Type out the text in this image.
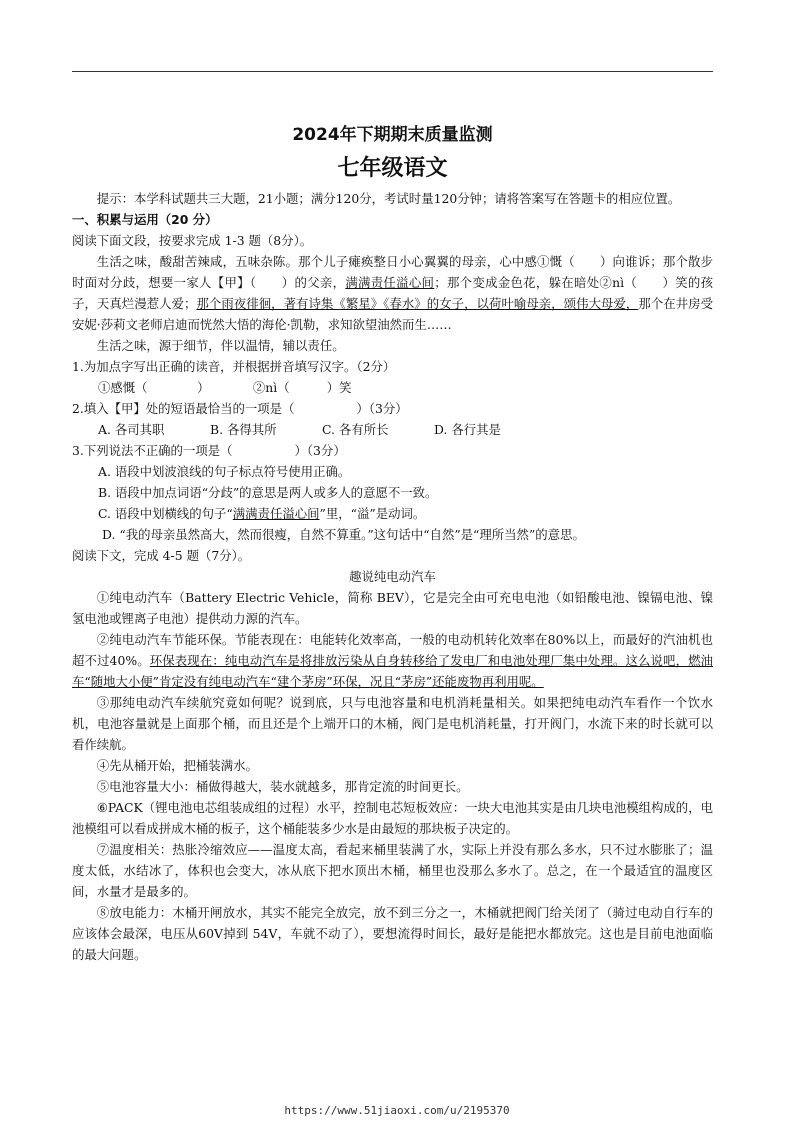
2024年下期期末质量监测

七年级语文

提示：本学科试题共三大题，21小题；满分120分，考试时量120分钟；请将答案写在答题卡的相应位置。

一、积累与运用（20 分）

阅读下面文段，按要求完成 1-3 题（8分）。

生活之味，酸甜苦辣咸，五味杂陈。那个儿子瘫痪整日小心翼翼的母亲，心中感①慨（　　）向谁诉；那个散步时面对分歧，想要一家人【甲】（　　）的父亲，满满责任溢心间；那个变成金色花，躲在暗处②nì（　　）笑的孩子，天真烂漫惹人爱；那个雨夜徘徊，著有诗集《繁星》《春水》的女子，以荷叶喻母亲，颂伟大母爱，那个在井房受安妮·莎莉文老师启迪而恍然大悟的海伦·凯勒，求知欲望油然而生……

生活之味，源于细节，伴以温情，辅以责任。

1.为加点字写出正确的读音，并根据拼音填写汉字。（2分）

①感慨（　　　　）　　　　②nì（　　　）笑

2.填入【甲】处的短语最恰当的一项是（　　　　　）（3分）

A. 各司其职	B. 各得其所	C. 各有所长	D. 各行其是

3.下列说法不正确的一项是（　　　　　）（3分）

A. 语段中划波浪线的句子标点符号使用正确。

B. 语段中加点词语“分歧”的意思是两人或多人的意愿不一致。

C. 语段中划横线的句子“满满责任溢心间”里，“溢”是动词。

D. “我的母亲虽然高大，然而很瘦，自然不算重。”这句话中“自然”是“理所当然”的意思。

阅读下文，完成 4-5 题（7分）。

趣说纯电动汽车

①纯电动汽车（Battery Electric Vehicle，简称 BEV），它是完全由可充电电池（如铅酸电池、镍镉电池、镍氢电池或锂离子电池）提供动力源的汽车。

②纯电动汽车节能环保。节能表现在：电能转化效率高，一般的电动机转化效率在80%以上，而最好的汽油机也超不过40%。环保表现在：纯电动汽车是将排放污染从自身转移给了发电厂和电池处理厂集中处理。这么说吧，燃油车“随地大小便”肯定没有纯电动汽车“建个茅房”环保，况且“茅房”还能废物再利用呢。

③那纯电动汽车续航究竟如何呢？说到底，只与电池容量和电机消耗量相关。如果把纯电动汽车看作一个饮水机，电池容量就是上面那个桶，而且还是个上端开口的木桶，阀门是电机消耗量，打开阀门，水流下来的时长就可以看作续航。

④先从桶开始，把桶装满水。

⑤电池容量大小：桶做得越大，装水就越多，那肯定流的时间更长。

⑥PACK（锂电池电芯组装成组的过程）水平，控制电芯短板效应：一块大电池其实是由几块电池模组构成的，电池模组可以看成拼成木桶的板子，这个桶能装多少水是由最短的那块板子决定的。

⑦温度相关：热胀冷缩效应——温度太高，看起来桶里装满了水，实际上并没有那么多水，只不过水膨胀了；温度太低，水结冰了，体积也会变大，冰从底下把水顶出木桶，桶里也没那么多水了。总之，在一个最适宜的温度区间，水量才是最多的。

⑧放电能力：木桶开闸放水，其实不能完全放完，放不到三分之一，木桶就把阀门给关闭了（骑过电动自行车的应该体会最深，电压从60V掉到 54V，车就不动了），要想流得时间长，最好是能把水都放完。这也是目前电池面临的最大问题。

https://www.51jiaoxi.com/u/2195370
